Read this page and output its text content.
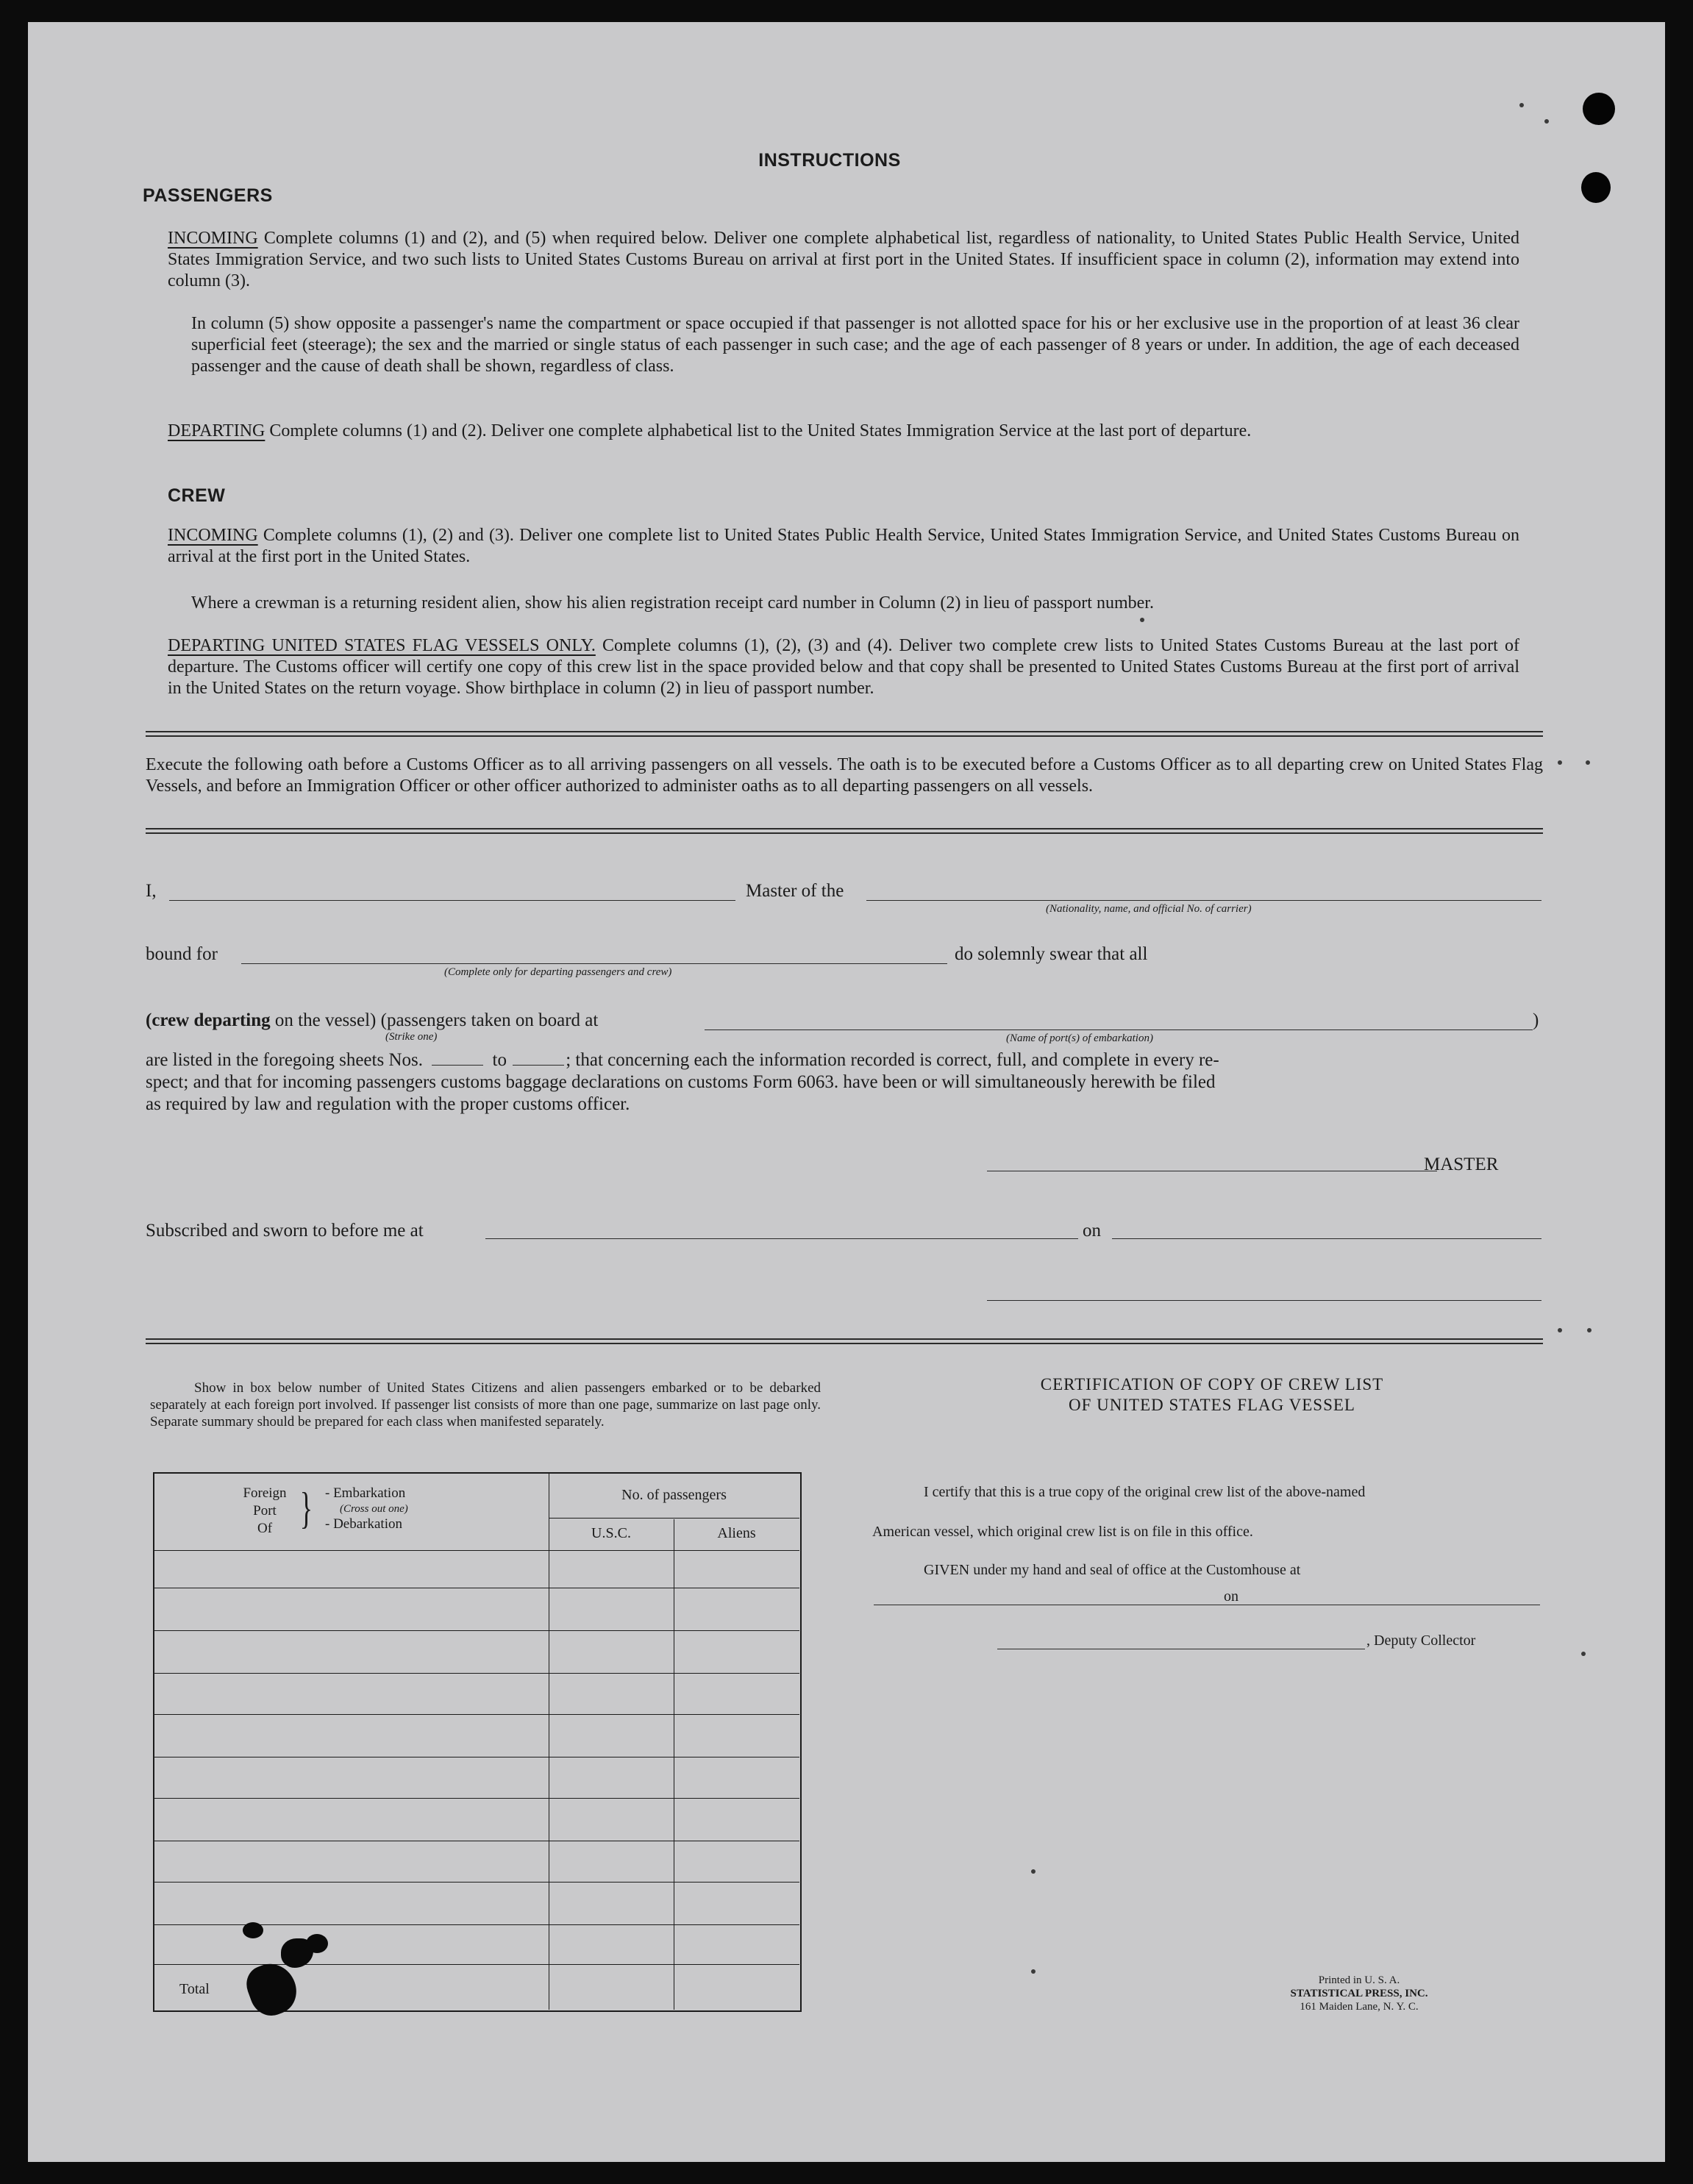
INSTRUCTIONS
PASSENGERS
INCOMING Complete columns (1) and (2), and (5) when required below. Deliver one complete alphabetical list, regardless of nationality, to United States Public Health Service, United States Immigration Service, and two such lists to United States Customs Bureau on arrival at first port in the United States. If insufficient space in column (2), information may extend into column (3).
In column (5) show opposite a passenger's name the compartment or space occupied if that passenger is not allotted space for his or her exclusive use in the proportion of at least 36 clear superficial feet (steerage); the sex and the married or single status of each passenger in such case; and the age of each passenger of 8 years or under. In addition, the age of each deceased passenger and the cause of death shall be shown, regardless of class.
DEPARTING Complete columns (1) and (2). Deliver one complete alphabetical list to the United States Immigration Service at the last port of departure.
CREW
INCOMING Complete columns (1), (2) and (3). Deliver one complete list to United States Public Health Service, United States Immigration Service, and United States Customs Bureau on arrival at the first port in the United States.
Where a crewman is a returning resident alien, show his alien registration receipt card number in Column (2) in lieu of passport number.
DEPARTING UNITED STATES FLAG VESSELS ONLY. Complete columns (1), (2), (3) and (4). Deliver two complete crew lists to United States Customs Bureau at the last port of departure. The Customs officer will certify one copy of this crew list in the space provided below and that copy shall be presented to United States Customs Bureau at the first port of arrival in the United States on the return voyage. Show birthplace in column (2) in lieu of passport number.
Execute the following oath before a Customs Officer as to all arriving passengers on all vessels. The oath is to be executed before a Customs Officer as to all departing crew on United States Flag Vessels, and before an Immigration Officer or other officer authorized to administer oaths as to all departing passengers on all vessels.
I,	Master of the
(Nationality, name, and official No. of carrier)
bound for
(Complete only for departing passengers and crew)
do solemnly swear that all
(crew departing on the vessel) (passengers taken on board at
(Strike one)	(Name of port(s) of embarkation)
)
are listed in the foregoing sheets Nos.	to	; that concerning each the information recorded is correct, full, and complete in every re-
spect; and that for incoming passengers customs baggage declarations on customs Form 6063. have been or will simultaneously herewith be filed
as required by law and regulation with the proper customs officer.
MASTER
Subscribed and sworn to before me at	on
Show in box below number of United States Citizens and alien passengers embarked or to be debarked separately at each foreign port involved. If passenger list consists of more than one page, summarize on last page only. Separate summary should be prepared for each class when manifested separately.
Foreign
Port
Of } - Embarkation
(Cross out one)
- Debarkation
No. of passengers
U.S.C.	Aliens
Total
CERTIFICATION OF COPY OF CREW LIST
OF UNITED STATES FLAG VESSEL
I certify that this is a true copy of the original crew list of the above-named
American vessel, which original crew list is on file in this office.
GIVEN under my hand and seal of office at the Customhouse at
on
, Deputy Collector
Printed in U. S. A.
STATISTICAL PRESS, INC.
161 Maiden Lane, N. Y. C.
